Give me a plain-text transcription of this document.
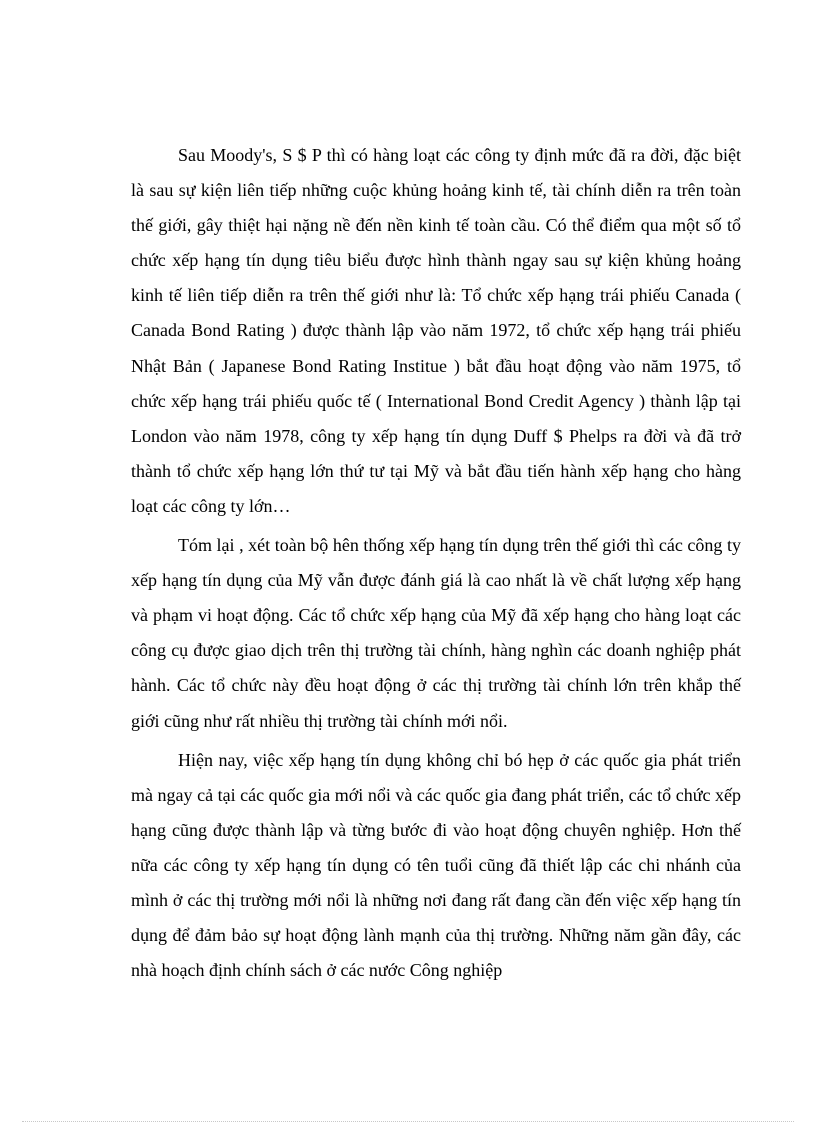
Sau Moody's, S $ P thì có hàng loạt các công ty định mức đã ra đời, đặc biệt là sau sự kiện liên tiếp những cuộc khủng hoảng kinh tế, tài chính diễn ra trên toàn thế giới, gây thiệt hại nặng nề đến nền kinh tế toàn cầu. Có thể điểm qua một số tổ chức xếp hạng tín dụng tiêu biểu được hình thành ngay sau sự kiện khủng hoảng kinh tế liên tiếp diễn ra trên thế giới như là: Tổ chức xếp hạng trái phiếu Canada ( Canada Bond Rating ) được thành lập vào năm 1972, tổ chức xếp hạng trái phiếu Nhật Bản ( Japanese Bond Rating Institue ) bắt đầu hoạt động vào năm 1975, tổ chức xếp hạng trái phiếu quốc tế ( International Bond Credit Agency ) thành lập tại London vào năm 1978, công ty xếp hạng tín dụng Duff $ Phelps ra đời và đã trở thành tổ chức xếp hạng lớn thứ tư tại Mỹ và bắt đầu tiến hành xếp hạng cho hàng loạt các công ty lớn…

Tóm lại , xét toàn bộ hên thống xếp hạng tín dụng trên thế giới thì các công ty xếp hạng tín dụng của Mỹ vẫn được đánh giá là cao nhất là về chất lượng xếp hạng và phạm vi hoạt động. Các tổ chức xếp hạng của Mỹ đã xếp hạng cho hàng loạt các công cụ được giao dịch trên thị trường tài chính, hàng nghìn các doanh nghiệp phát hành. Các tổ chức này đều hoạt động ở các thị trường tài chính lớn trên khắp thế giới cũng như rất nhiều thị trường tài chính mới nổi.

Hiện nay, việc xếp hạng tín dụng không chỉ bó hẹp ở các quốc gia phát triển mà ngay cả tại các quốc gia mới nổi và các quốc gia đang phát triển, các tổ chức xếp hạng cũng được thành lập và từng bước đi vào hoạt động chuyên nghiệp. Hơn thế nữa các công ty xếp hạng tín dụng có tên tuổi cũng đã thiết lập các chi nhánh của mình ở các thị trường mới nổi là những nơi đang rất đang cần đến việc xếp hạng tín dụng để đảm bảo sự hoạt động lành mạnh của thị trường. Những năm gần đây, các nhà hoạch định chính sách ở các nước Công nghiệp
